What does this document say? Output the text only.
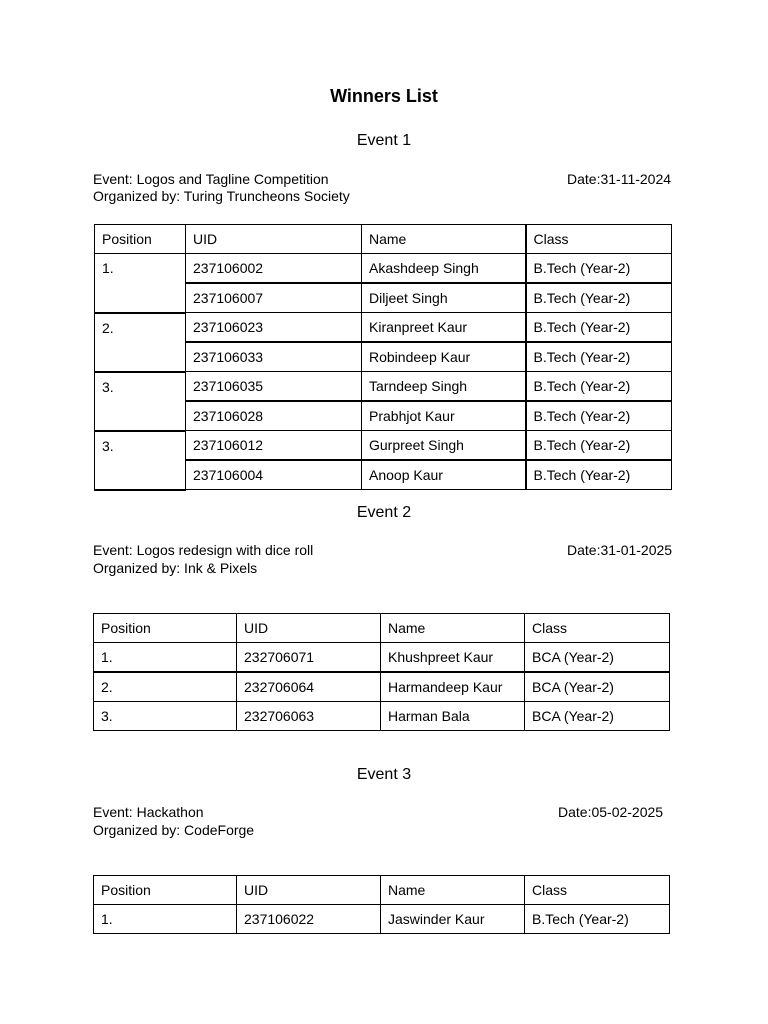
Winners List
Event 1
Event: Logos and Tagline Competition
Organized by: Turing Truncheons Society
Date:31-11-2024
Position	UID	Name	Class
1.	237106002	Akashdeep Singh	B.Tech (Year-2)
	237106007	Diljeet Singh	B.Tech (Year-2)
2.	237106023	Kiranpreet Kaur	B.Tech (Year-2)
	237106033	Robindeep Kaur	B.Tech (Year-2)
3.	237106035	Tarndeep Singh	B.Tech (Year-2)
	237106028	Prabhjot Kaur	B.Tech (Year-2)
3.	237106012	Gurpreet Singh	B.Tech (Year-2)
	237106004	Anoop Kaur	B.Tech (Year-2)
Event 2
Event: Logos redesign with dice roll
Organized by: Ink & Pixels
Date:31-01-2025
Position	UID	Name	Class
1.	232706071	Khushpreet Kaur	BCA (Year-2)
2.	232706064	Harmandeep Kaur	BCA (Year-2)
3.	232706063	Harman Bala	BCA (Year-2)
Event 3
Event: Hackathon
Organized by: CodeForge
Date:05-02-2025
Position	UID	Name	Class
1.	237106022	Jaswinder Kaur	B.Tech (Year-2)
